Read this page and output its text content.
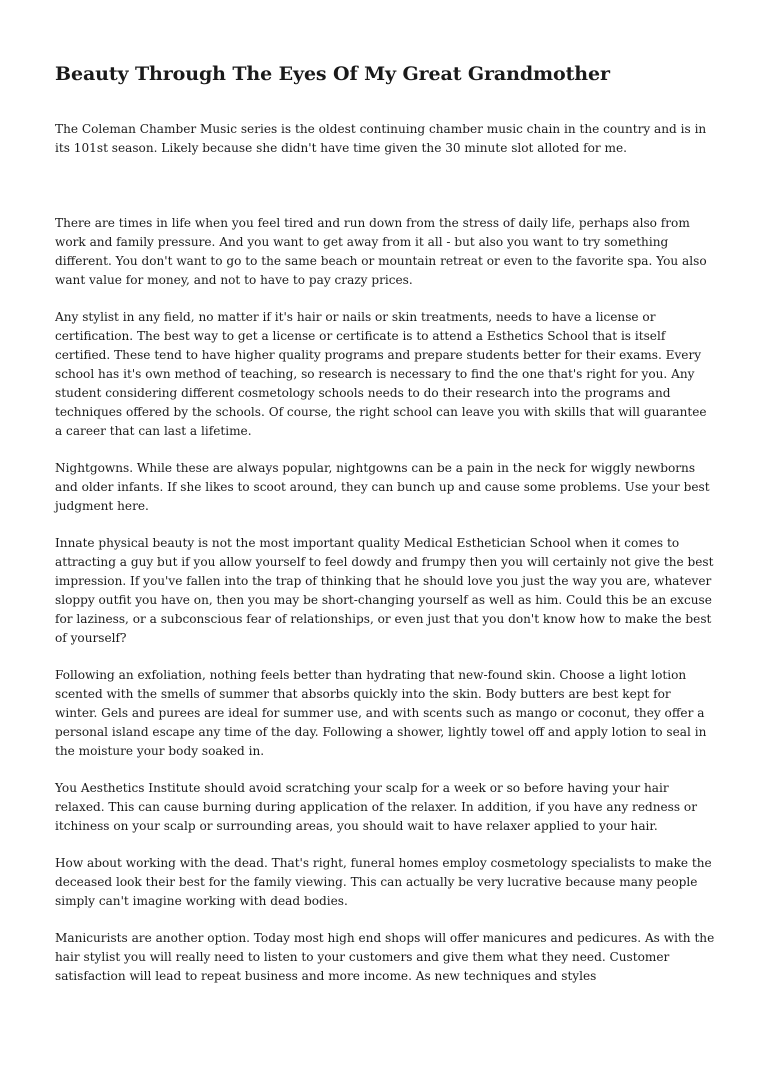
Beauty Through The Eyes Of My Great Grandmother

The Coleman Chamber Music series is the oldest continuing chamber music chain in the country and is in its 101st season. Likely because she didn't have time given the 30 minute slot alloted for me.

There are times in life when you feel tired and run down from the stress of daily life, perhaps also from work and family pressure. And you want to get away from it all - but also you want to try something different. You don't want to go to the same beach or mountain retreat or even to the favorite spa. You also want value for money, and not to have to pay crazy prices.

Any stylist in any field, no matter if it's hair or nails or skin treatments, needs to have a license or certification. The best way to get a license or certificate is to attend a Esthetics School that is itself certified. These tend to have higher quality programs and prepare students better for their exams. Every school has it's own method of teaching, so research is necessary to find the one that's right for you. Any student considering different cosmetology schools needs to do their research into the programs and techniques offered by the schools. Of course, the right school can leave you with skills that will guarantee a career that can last a lifetime.

Nightgowns. While these are always popular, nightgowns can be a pain in the neck for wiggly newborns and older infants. If she likes to scoot around, they can bunch up and cause some problems. Use your best judgment here.

Innate physical beauty is not the most important quality Medical Esthetician School when it comes to attracting a guy but if you allow yourself to feel dowdy and frumpy then you will certainly not give the best impression. If you've fallen into the trap of thinking that he should love you just the way you are, whatever sloppy outfit you have on, then you may be short-changing yourself as well as him. Could this be an excuse for laziness, or a subconscious fear of relationships, or even just that you don't know how to make the best of yourself?

Following an exfoliation, nothing feels better than hydrating that new-found skin. Choose a light lotion scented with the smells of summer that absorbs quickly into the skin. Body butters are best kept for winter. Gels and purees are ideal for summer use, and with scents such as mango or coconut, they offer a personal island escape any time of the day. Following a shower, lightly towel off and apply lotion to seal in the moisture your body soaked in.

You Aesthetics Institute should avoid scratching your scalp for a week or so before having your hair relaxed. This can cause burning during application of the relaxer. In addition, if you have any redness or itchiness on your scalp or surrounding areas, you should wait to have relaxer applied to your hair.

How about working with the dead. That's right, funeral homes employ cosmetology specialists to make the deceased look their best for the family viewing. This can actually be very lucrative because many people simply can't imagine working with dead bodies.

Manicurists are another option. Today most high end shops will offer manicures and pedicures. As with the hair stylist you will really need to listen to your customers and give them what they need. Customer satisfaction will lead to repeat business and more income. As new techniques and styles
